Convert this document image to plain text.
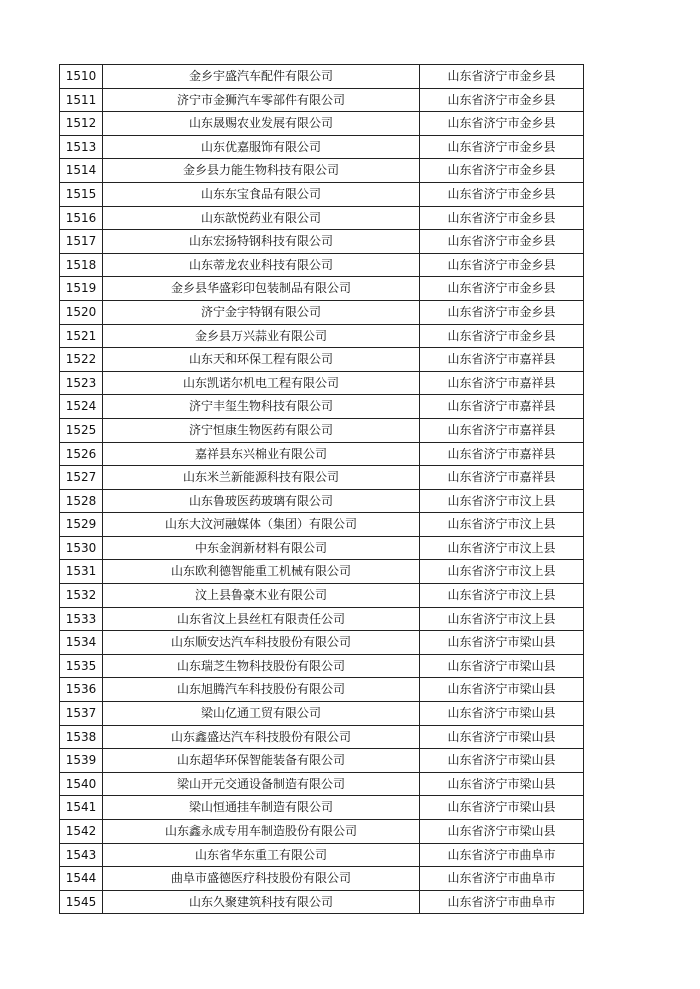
1510	金乡宇盛汽车配件有限公司	山东省济宁市金乡县
1511	济宁市金狮汽车零部件有限公司	山东省济宁市金乡县
1512	山东晟赐农业发展有限公司	山东省济宁市金乡县
1513	山东优嘉服饰有限公司	山东省济宁市金乡县
1514	金乡县力能生物科技有限公司	山东省济宁市金乡县
1515	山东东宝食品有限公司	山东省济宁市金乡县
1516	山东歆悦药业有限公司	山东省济宁市金乡县
1517	山东宏扬特钢科技有限公司	山东省济宁市金乡县
1518	山东蒂龙农业科技有限公司	山东省济宁市金乡县
1519	金乡县华盛彩印包装制品有限公司	山东省济宁市金乡县
1520	济宁金宇特钢有限公司	山东省济宁市金乡县
1521	金乡县万兴蒜业有限公司	山东省济宁市金乡县
1522	山东天和环保工程有限公司	山东省济宁市嘉祥县
1523	山东凯诺尔机电工程有限公司	山东省济宁市嘉祥县
1524	济宁丰玺生物科技有限公司	山东省济宁市嘉祥县
1525	济宁恒康生物医药有限公司	山东省济宁市嘉祥县
1526	嘉祥县东兴棉业有限公司	山东省济宁市嘉祥县
1527	山东米兰新能源科技有限公司	山东省济宁市嘉祥县
1528	山东鲁玻医药玻璃有限公司	山东省济宁市汶上县
1529	山东大汶河融媒体（集团）有限公司	山东省济宁市汶上县
1530	中东金润新材料有限公司	山东省济宁市汶上县
1531	山东欧利德智能重工机械有限公司	山东省济宁市汶上县
1532	汶上县鲁豪木业有限公司	山东省济宁市汶上县
1533	山东省汶上县丝杠有限责任公司	山东省济宁市汶上县
1534	山东顺安达汽车科技股份有限公司	山东省济宁市梁山县
1535	山东瑞芝生物科技股份有限公司	山东省济宁市梁山县
1536	山东旭腾汽车科技股份有限公司	山东省济宁市梁山县
1537	梁山亿通工贸有限公司	山东省济宁市梁山县
1538	山东鑫盛达汽车科技股份有限公司	山东省济宁市梁山县
1539	山东超华环保智能装备有限公司	山东省济宁市梁山县
1540	梁山开元交通设备制造有限公司	山东省济宁市梁山县
1541	梁山恒通挂车制造有限公司	山东省济宁市梁山县
1542	山东鑫永成专用车制造股份有限公司	山东省济宁市梁山县
1543	山东省华东重工有限公司	山东省济宁市曲阜市
1544	曲阜市盛德医疗科技股份有限公司	山东省济宁市曲阜市
1545	山东久聚建筑科技有限公司	山东省济宁市曲阜市
